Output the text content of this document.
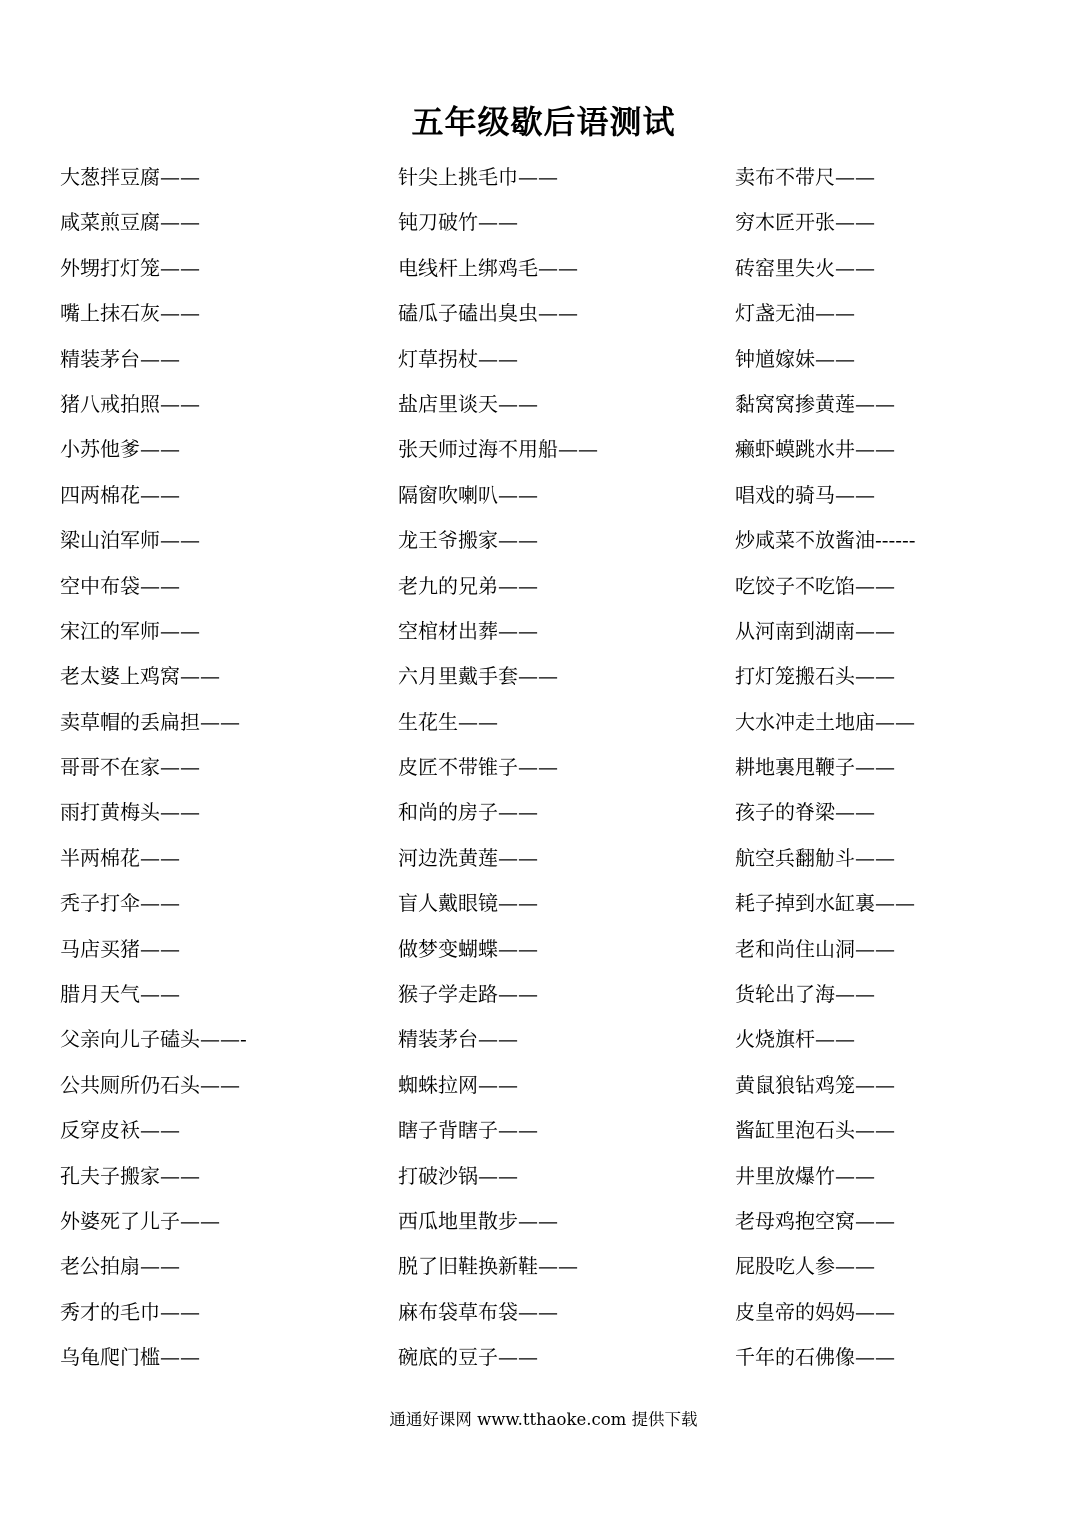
五年级歇后语测试
大葱拌豆腐——
咸菜煎豆腐——
外甥打灯笼——
嘴上抹石灰——
精装茅台——
猪八戒拍照——
小苏他爹——
四两棉花——
梁山泊军师——
空中布袋——
宋江的军师——
老太婆上鸡窝——
卖草帽的丢扁担——
哥哥不在家——
雨打黄梅头——
半两棉花——
秃子打伞——
马店买猪——
腊月天气——
父亲向儿子磕头——-
公共厕所仍石头——
反穿皮袄——
孔夫子搬家——
外婆死了儿子——
老公拍扇——
秀才的毛巾——
乌龟爬门槛——
针尖上挑毛巾——
钝刀破竹——
电线杆上绑鸡毛——
磕瓜子磕出臭虫——
灯草拐杖——
盐店里谈天——
张天师过海不用船——
隔窗吹喇叭——
龙王爷搬家——
老九的兄弟——
空棺材出葬——
六月里戴手套——
生花生——
皮匠不带锥子——
和尚的房子——
河边洗黄莲——
盲人戴眼镜——
做梦变蝴蝶——
猴子学走路——
精装茅台——
蜘蛛拉网——
瞎子背瞎子——
打破沙锅——
西瓜地里散步——
脱了旧鞋换新鞋——
麻布袋草布袋——
碗底的豆子——
卖布不带尺——
穷木匠开张——
砖窑里失火——
灯盏无油——
钟馗嫁妹——
黏窝窝掺黄莲——
癞虾蟆跳水井——
唱戏的骑马——
炒咸菜不放酱油------
吃饺子不吃馅——
从河南到湖南——
打灯笼搬石头——
大水冲走土地庙——
耕地裏甩鞭子——
孩子的脊梁——
航空兵翻觔斗——
耗子掉到水缸裏——
老和尚住山洞——
货轮出了海——
火烧旗杆——
黄鼠狼钻鸡笼——
酱缸里泡石头——
井里放爆竹——
老母鸡抱空窝——
屁股吃人参——
皮皇帝的妈妈——
千年的石佛像——
通通好课网 www.tthaoke.com 提供下载
